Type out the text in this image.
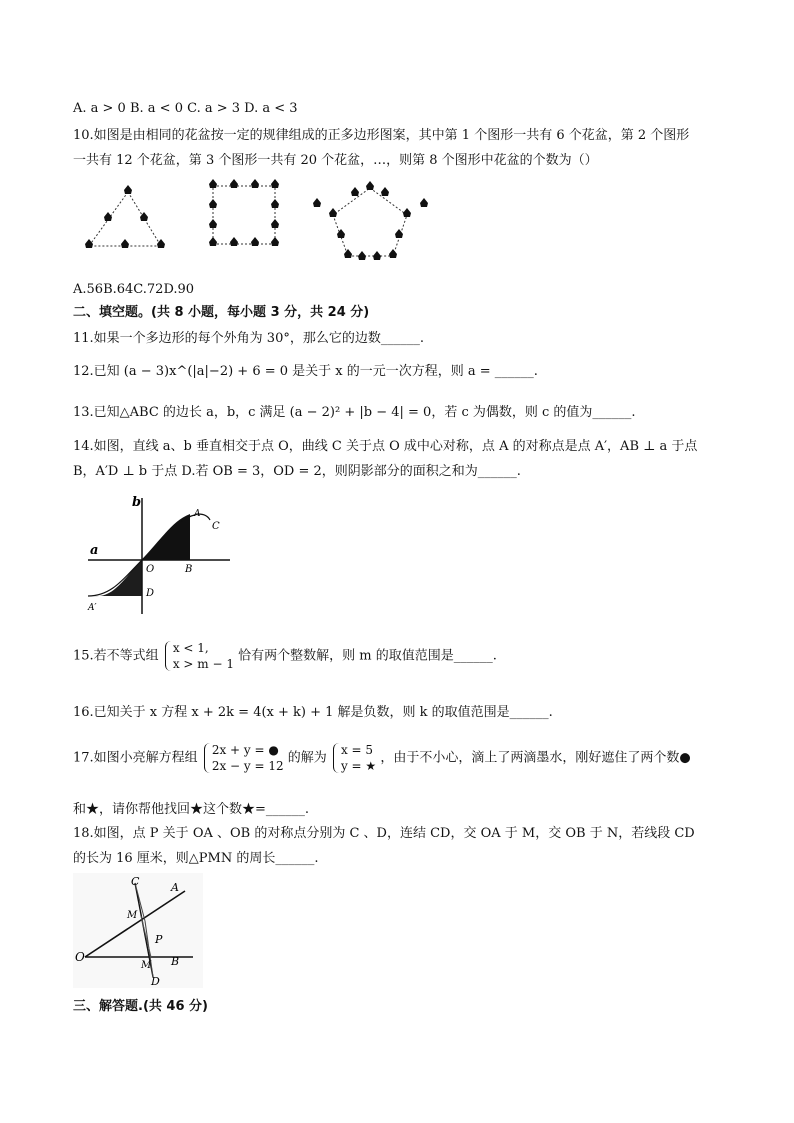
A. a > 0 B. a < 0 C. a > 3 D. a < 3
10.如图是由相同的花盆按一定的规律组成的正多边形图案，其中第 1 个图形一共有 6 个花盆，第 2 个图形
一共有 12 个花盆，第 3 个图形一共有 20 个花盆，…，则第 8 个图形中花盆的个数为（）
A.56B.64C.72D.90
二、填空题。(共 8 小题，每小题 3 分，共 24 分)
11.如果一个多边形的每个外角为 30°，那么它的边数______.
12.已知 (a − 3)x^(|a|−2) + 6 = 0 是关于 x 的一元一次方程，则 a = ______.
13.已知△ABC 的边长 a，b，c 满足 (a − 2)² + |b − 4| = 0，若 c 为偶数，则 c 的值为______.
14.如图，直线 a、b 垂直相交于点 O，曲线 C 关于点 O 成中心对称，点 A 的对称点是点 A′，AB ⊥ a 于点
B，A′D ⊥ b 于点 D.若 OB = 3，OD = 2，则阴影部分的面积之和为______.
b
a
A
C
O	B
D
A′
15.若不等式组
x < 1,
x > m − 1
恰有两个整数解，则 m 的取值范围是______.
16.已知关于 x 方程 x + 2k = 4(x + k) + 1 解是负数，则 k 的取值范围是______.
17.如图小亮解方程组
2x + y = ●
2x − y = 12
的解为
x = 5
y = ★
，由于不小心，滴上了两滴墨水，刚好遮住了两个数●
和★，请你帮他找回★这个数★=______.
18.如图，点 P 关于 OA 、OB 的对称点分别为 C 、D，连结 CD，交 OA 于 M，交 OB 于 N，若线段 CD
的长为 16 厘米，则△PMN 的周长______.
C	A
M
P
O
M B
D
三、解答题.(共 46 分)
